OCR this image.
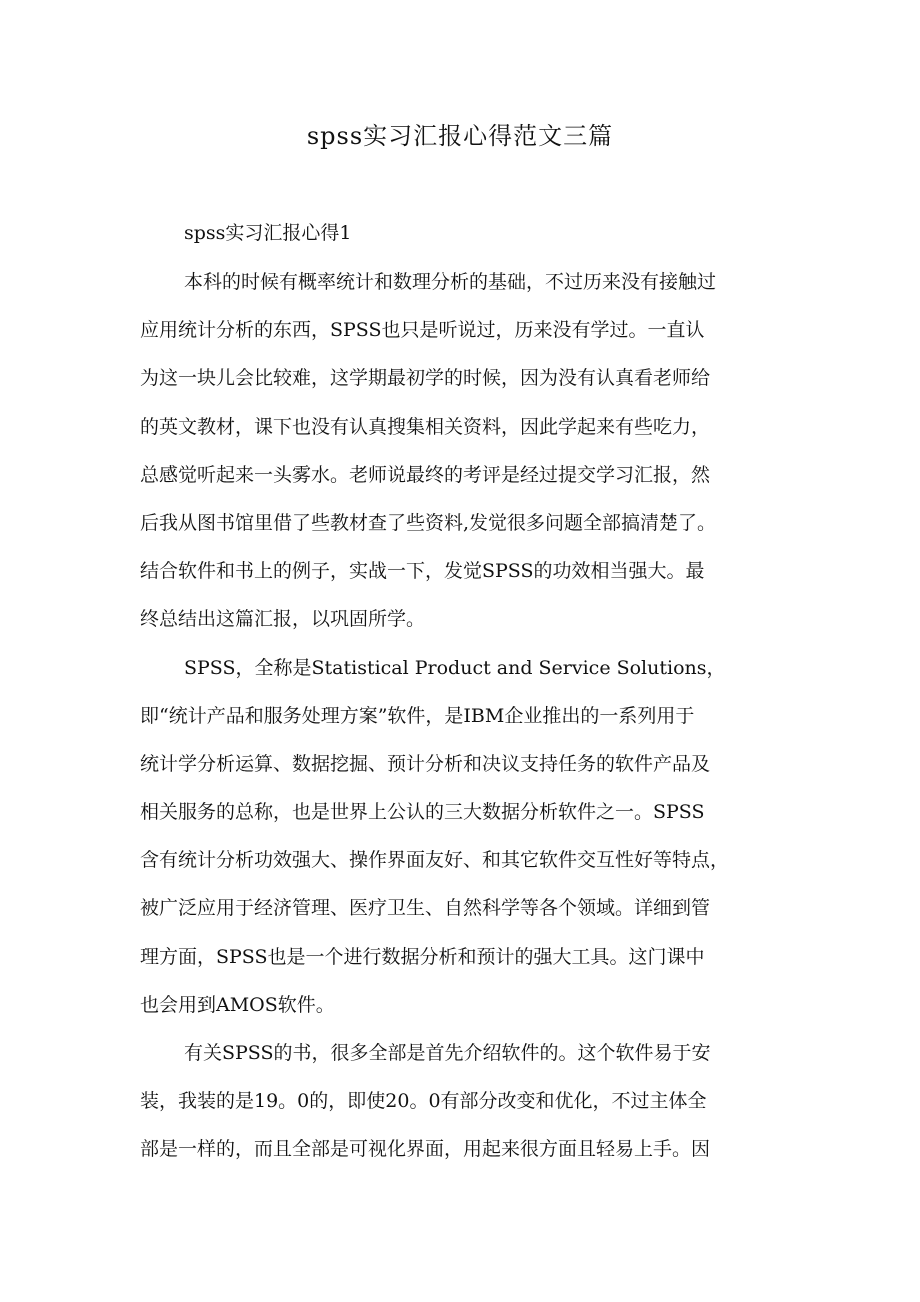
spss实习汇报心得范文三篇
spss实习汇报心得1
本科的时候有概率统计和数理分析的基础，不过历来没有接触过
应用统计分析的东西，SPSS也只是听说过，历来没有学过。一直认
为这一块儿会比较难，这学期最初学的时候，因为没有认真看老师给
的英文教材，课下也没有认真搜集相关资料，因此学起来有些吃力，
总感觉听起来一头雾水。老师说最终的考评是经过提交学习汇报，然
后我从图书馆里借了些教材查了些资料,发觉很多问题全部搞清楚了。
结合软件和书上的例子，实战一下，发觉SPSS的功效相当强大。最
终总结出这篇汇报，以巩固所学。
SPSS，全称是Statistical Product and Service Solutions，
即“统计产品和服务处理方案”软件，是IBM企业推出的一系列用于
统计学分析运算、数据挖掘、预计分析和决议支持任务的软件产品及
相关服务的总称，也是世界上公认的三大数据分析软件之一。SPSS
含有统计分析功效强大、操作界面友好、和其它软件交互性好等特点，
被广泛应用于经济管理、医疗卫生、自然科学等各个领域。详细到管
理方面，SPSS也是一个进行数据分析和预计的强大工具。这门课中
也会用到AMOS软件。
有关SPSS的书，很多全部是首先介绍软件的。这个软件易于安
装，我装的是19。0的，即使20。0有部分改变和优化，不过主体全
部是一样的，而且全部是可视化界面，用起来很方面且轻易上手。因
